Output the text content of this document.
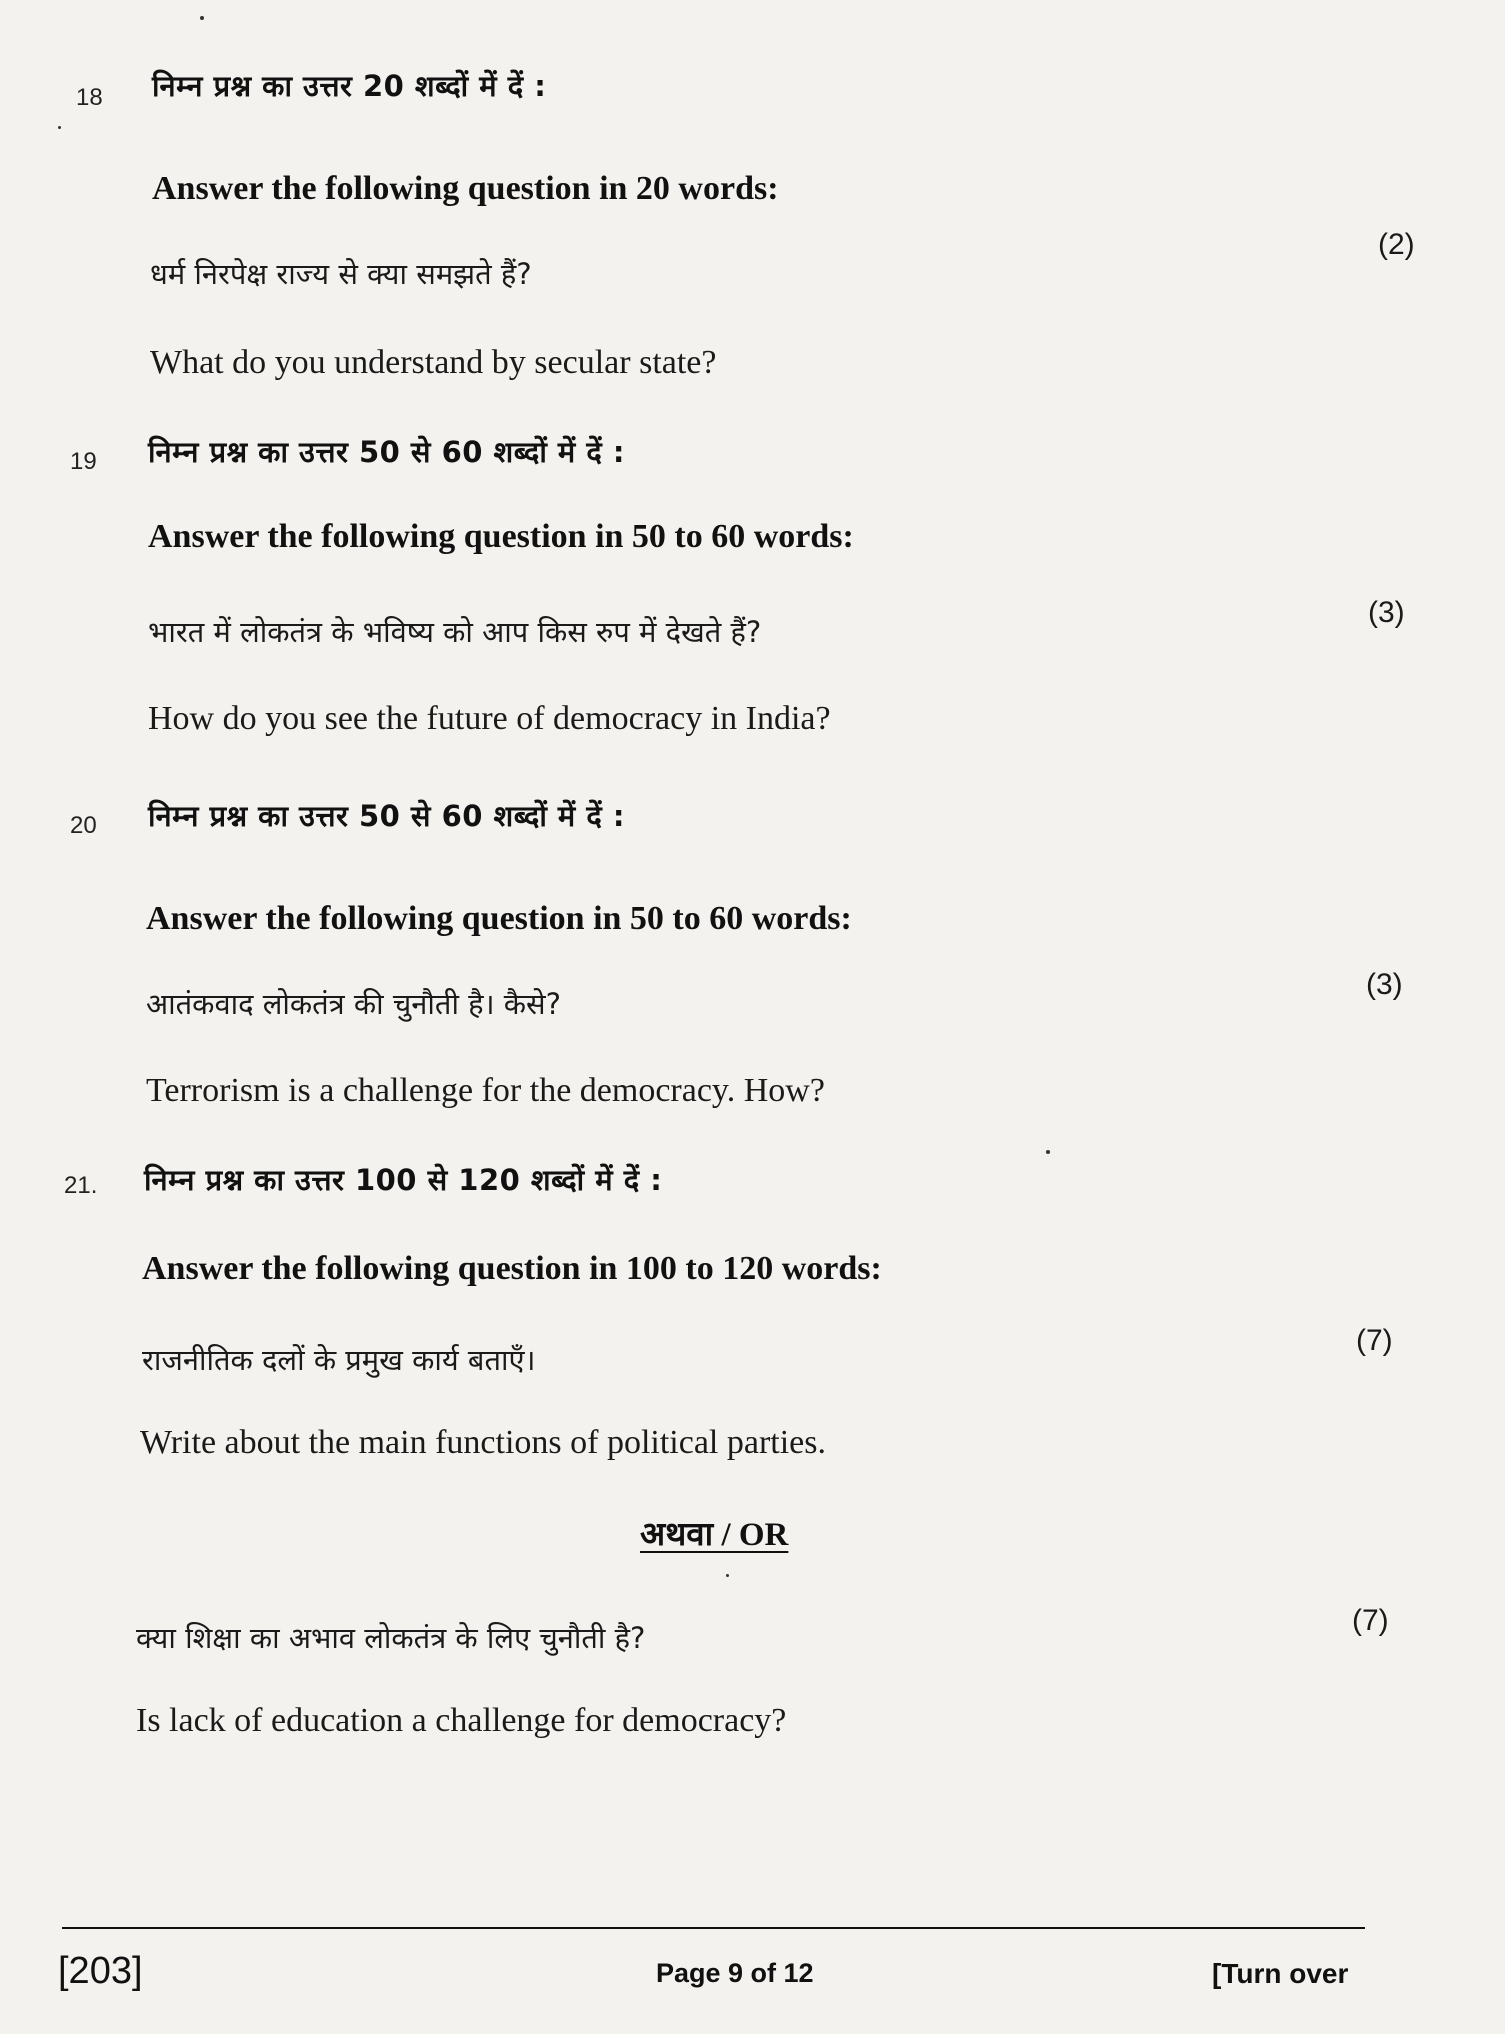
18 निम्न प्रश्न का उत्तर 20 शब्दों में दें :
Answer the following question in 20 words:
धर्म निरपेक्ष राज्य से क्या समझते हैं?
(2)
What do you understand by secular state?
19 निम्न प्रश्न का उत्तर 50 से 60 शब्दों में दें :
Answer the following question in 50 to 60 words:
भारत में लोकतंत्र के भविष्य को आप किस रुप में देखते हैं?
(3)
How do you see the future of democracy in India?
20 निम्न प्रश्न का उत्तर 50 से 60 शब्दों में दें :
Answer the following question in 50 to 60 words:
आतंकवाद लोकतंत्र की चुनौती है। कैसे?
(3)
Terrorism is a challenge for the democracy. How?
21. निम्न प्रश्न का उत्तर 100 से 120 शब्दों में दें :
Answer the following question in 100 to 120 words:
राजनीतिक दलों के प्रमुख कार्य बताएँ।
(7)
Write about the main functions of political parties.
अथवा / OR
क्या शिक्षा का अभाव लोकतंत्र के लिए चुनौती है?
(7)
Is lack of education a challenge for democracy?
[203]	Page 9 of 12	[Turn over
